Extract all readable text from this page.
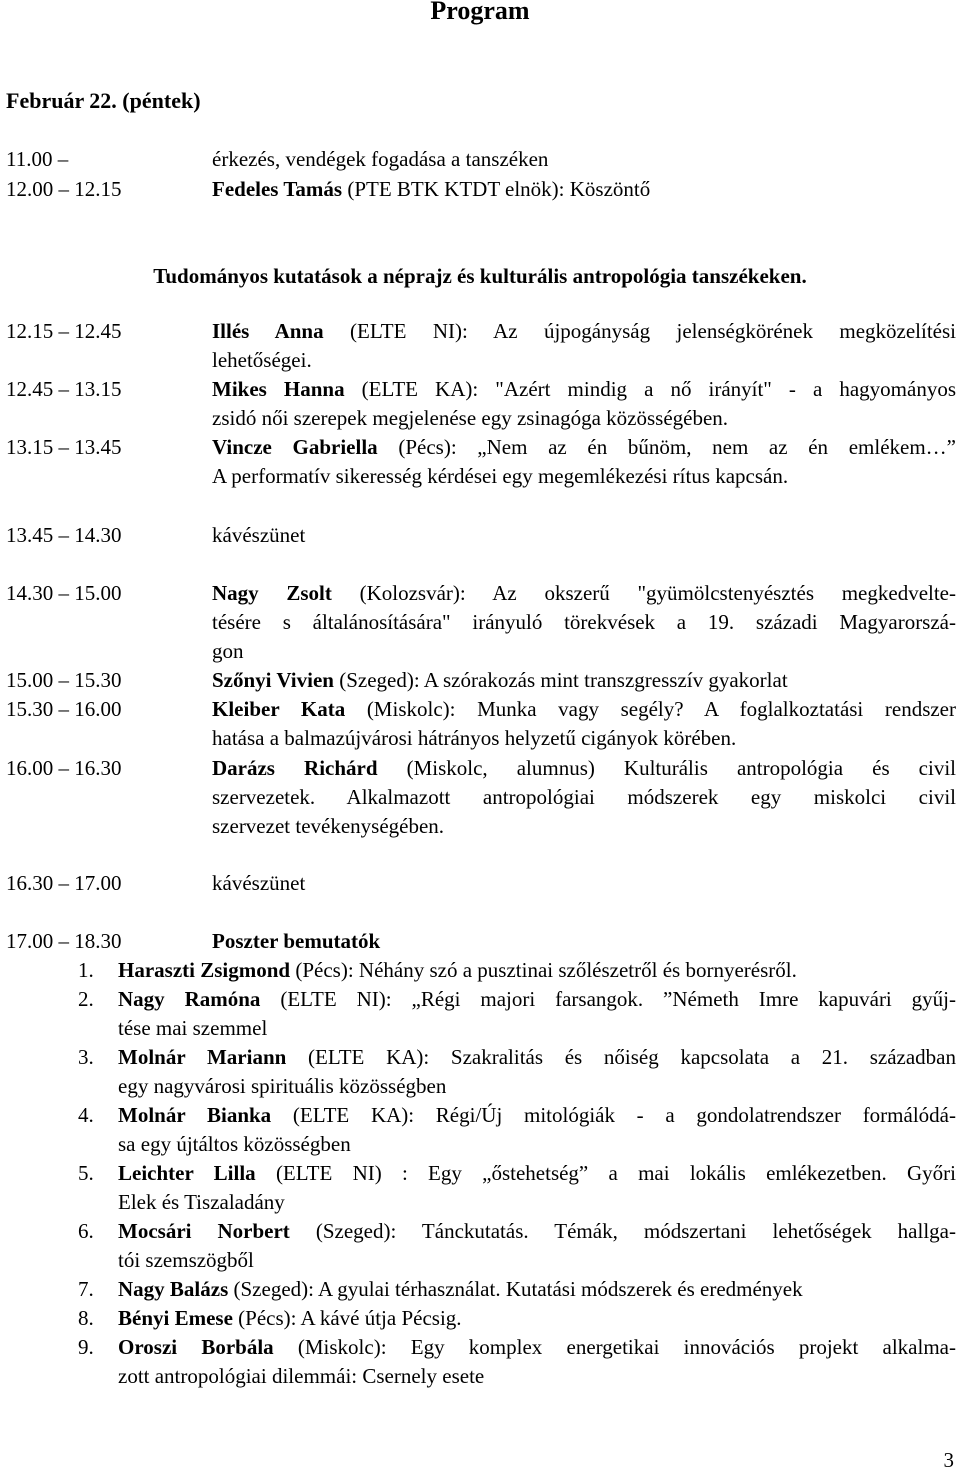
Program
Február 22. (péntek)
11.00 –	érkezés, vendégek fogadása a tanszéken
12.00 – 12.15	Fedeles Tamás (PTE BTK KTDT elnök): Köszöntő
Tudományos kutatások a néprajz és kulturális antropológia tanszékeken.
12.15 – 12.45	Illés Anna (ELTE NI): Az újpogányság jelenségkörének megközelítési
lehetőségei.
12.45 – 13.15	Mikes Hanna (ELTE KA): "Azért mindig a nő irányít" - a hagyományos
zsidó női szerepek megjelenése egy zsinagóga közösségében.
13.15 – 13.45	Vincze Gabriella (Pécs): „Nem az én bűnöm, nem az én emlékem…”
A performatív sikeresség kérdései egy megemlékezési rítus kapcsán.
13.45 – 14.30	kávészünet
14.30 – 15.00	Nagy Zsolt (Kolozsvár): Az okszerű "gyümölcstenyésztés megkedvelte-
tésére s általánosítására" irányuló törekvések a 19. századi Magyarorszá-
gon
15.00 – 15.30	Szőnyi Vivien (Szeged): A szórakozás mint transzgresszív gyakorlat
15.30 – 16.00	Kleiber Kata (Miskolc): Munka vagy segély? A foglalkoztatási rendszer
hatása a balmazújvárosi hátrányos helyzetű cigányok körében.
16.00 – 16.30	Darázs Richárd (Miskolc, alumnus) Kulturális antropológia és civil
szervezetek. Alkalmazott antropológiai módszerek egy miskolci civil
szervezet tevékenységében.
16.30 – 17.00	kávészünet
17.00 – 18.30	Poszter bemutatók
1.	Haraszti Zsigmond (Pécs): Néhány szó a pusztinai szőlészetről és bornyerésről.
2.	Nagy Ramóna (ELTE NI): „Régi majori farsangok. ”Németh Imre kapuvári gyűj-
tése mai szemmel
3.	Molnár Mariann (ELTE KA): Szakralitás és nőiség kapcsolata a 21. században
egy nagyvárosi spirituális közösségben
4.	Molnár Bianka (ELTE KA): Régi/Új mitológiák - a gondolatrendszer formálódá-
sa egy újtáltos közösségben
5.	Leichter Lilla (ELTE NI) : Egy „őstehetség” a mai lokális emlékezetben. Győri
Elek és Tiszaladány
6.	Mocsári Norbert (Szeged): Tánckutatás. Témák, módszertani lehetőségek hallga-
tói szemszögből
7.	Nagy Balázs (Szeged): A gyulai térhasználat. Kutatási módszerek és eredmények
8.	Bényi Emese (Pécs): A kávé útja Pécsig.
9.	Oroszi Borbála (Miskolc): Egy komplex energetikai innovációs projekt alkalma-
zott antropológiai dilemmái: Csernely esete
3
